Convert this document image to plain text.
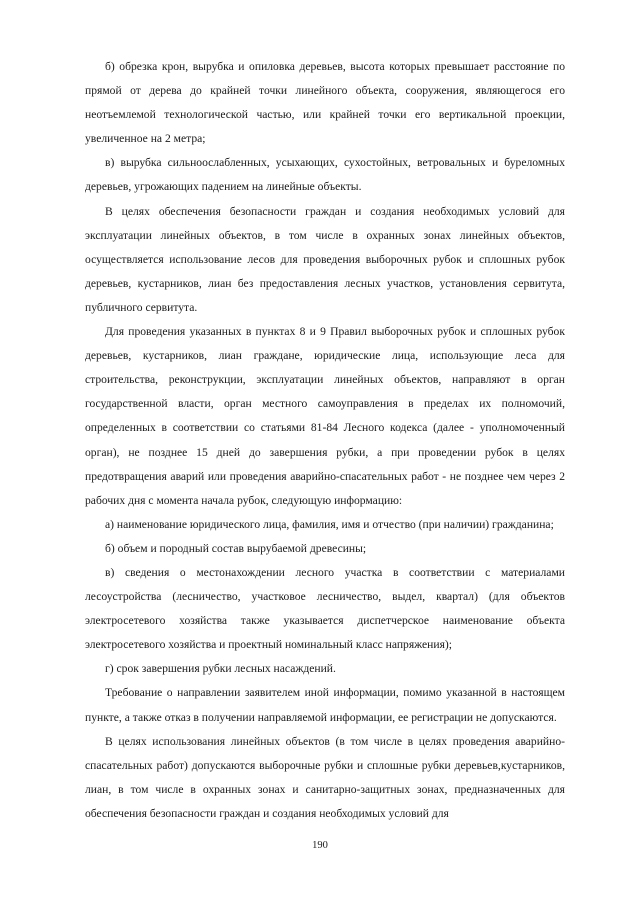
б) обрезка крон, вырубка и опиловка деревьев, высота которых превышает расстояние по прямой от дерева до крайней точки линейного объекта, сооружения, являющегося его неотъемлемой технологической частью, или крайней точки его вертикальной проекции, увеличенное на 2 метра;

в) вырубка сильноослабленных, усыхающих, сухостойных, ветровальных и буреломных деревьев, угрожающих падением на линейные объекты.

В целях обеспечения безопасности граждан и создания необходимых условий для эксплуатации линейных объектов, в том числе в охранных зонах линейных объектов, осуществляется использование лесов для проведения выборочных рубок и сплошных рубок деревьев, кустарников, лиан без предоставления лесных участков, установления сервитута, публичного сервитута.

Для проведения указанных в пунктах 8 и 9 Правил выборочных рубок и сплошных рубок деревьев, кустарников, лиан граждане, юридические лица, использующие леса для строительства, реконструкции, эксплуатации линейных объектов, направляют в орган государственной власти, орган местного самоуправления в пределах их полномочий, определенных в соответствии со статьями 81-84 Лесного кодекса (далее - уполномоченный орган), не позднее 15 дней до завершения рубки, а при проведении рубок в целях предотвращения аварий или проведения аварийно-спасательных работ - не позднее чем через 2 рабочих дня с момента начала рубок, следующую информацию:

а) наименование юридического лица, фамилия, имя и отчество (при наличии) гражданина;

б) объем и породный состав вырубаемой древесины;

в) сведения о местонахождении лесного участка в соответствии с материалами лесоустройства (лесничество, участковое лесничество, выдел, квартал) (для объектов электросетевого хозяйства также указывается диспетчерское наименование объекта электросетевого хозяйства и проектный номинальный класс напряжения);

г) срок завершения рубки лесных насаждений.

Требование о направлении заявителем иной информации, помимо указанной в настоящем пункте, а также отказ в получении направляемой информации, ее регистрации не допускаются.

В целях использования линейных объектов (в том числе в целях проведения аварийно-спасательных работ) допускаются выборочные рубки и сплошные рубки деревьев,кустарников, лиан, в том числе в охранных зонах и санитарно-защитных зонах, предназначенных для обеспечения безопасности граждан и создания необходимых условий для

190
